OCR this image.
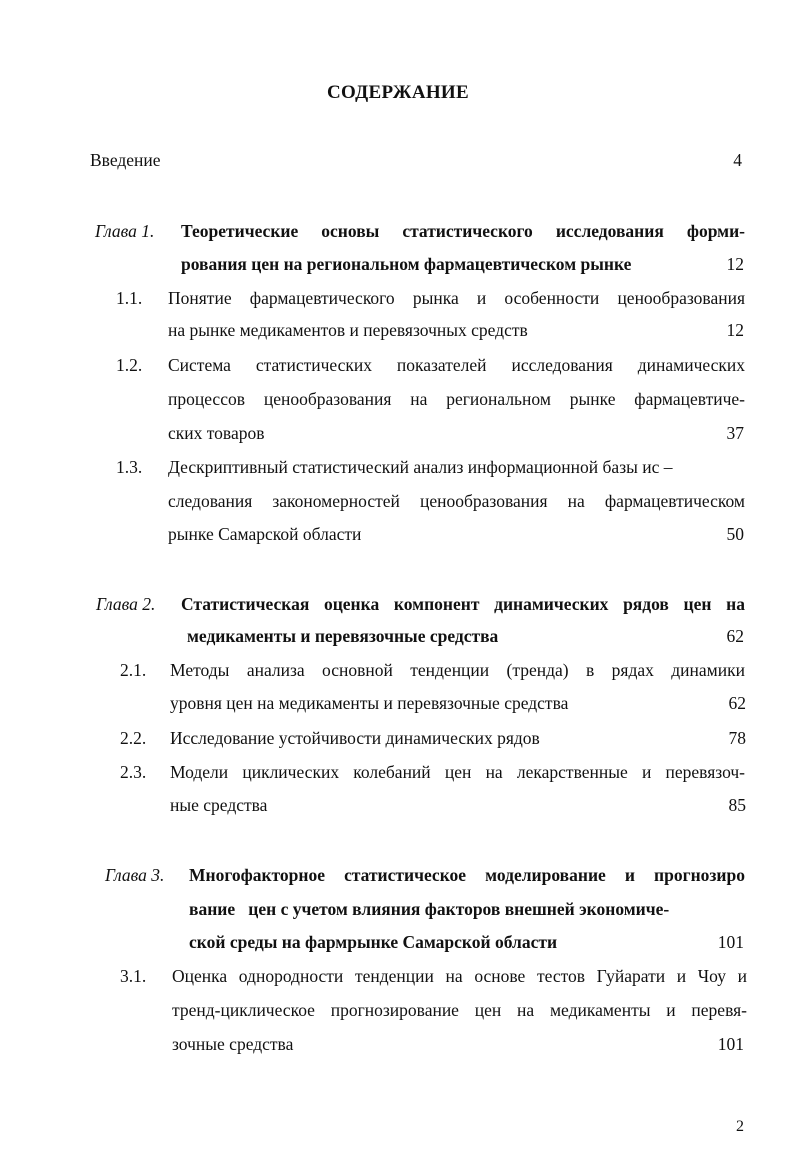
СОДЕРЖАНИЕ
Введение	4
Глава 1. Теоретические основы статистического исследования форми-
рования цен на региональном фармацевтическом рынке	12
1.1. Понятие фармацевтического рынка и особенности ценообразования
на рынке медикаментов и перевязочных средств	12
1.2. Система статистических показателей исследования динамических
процессов ценообразования на региональном рынке фармацевтиче-
ских товаров	37
1.3. Дескриптивный статистический анализ информационной базы ис –
следования закономерностей ценообразования на фармацевтическом
рынке Самарской области	50
Глава 2. Статистическая оценка компонент динамических рядов цен на
медикаменты и перевязочные средства	62
2.1. Методы анализа основной тенденции (тренда) в рядах динамики
уровня цен на медикаменты и перевязочные средства	62
2.2. Исследование устойчивости динамических рядов	78
2.3. Модели циклических колебаний цен на лекарственные и перевязоч-
ные средства	85
Глава 3. Многофакторное статистическое моделирование и прогнозиро
вание   цен с учетом влияния факторов внешней экономиче-
ской среды на фармрынке Самарской области	101
3.1. Оценка однородности тенденции на основе тестов Гуйарати и Чоу и
тренд-циклическое прогнозирование цен на медикаменты и перевя-
зочные средства	101
2
